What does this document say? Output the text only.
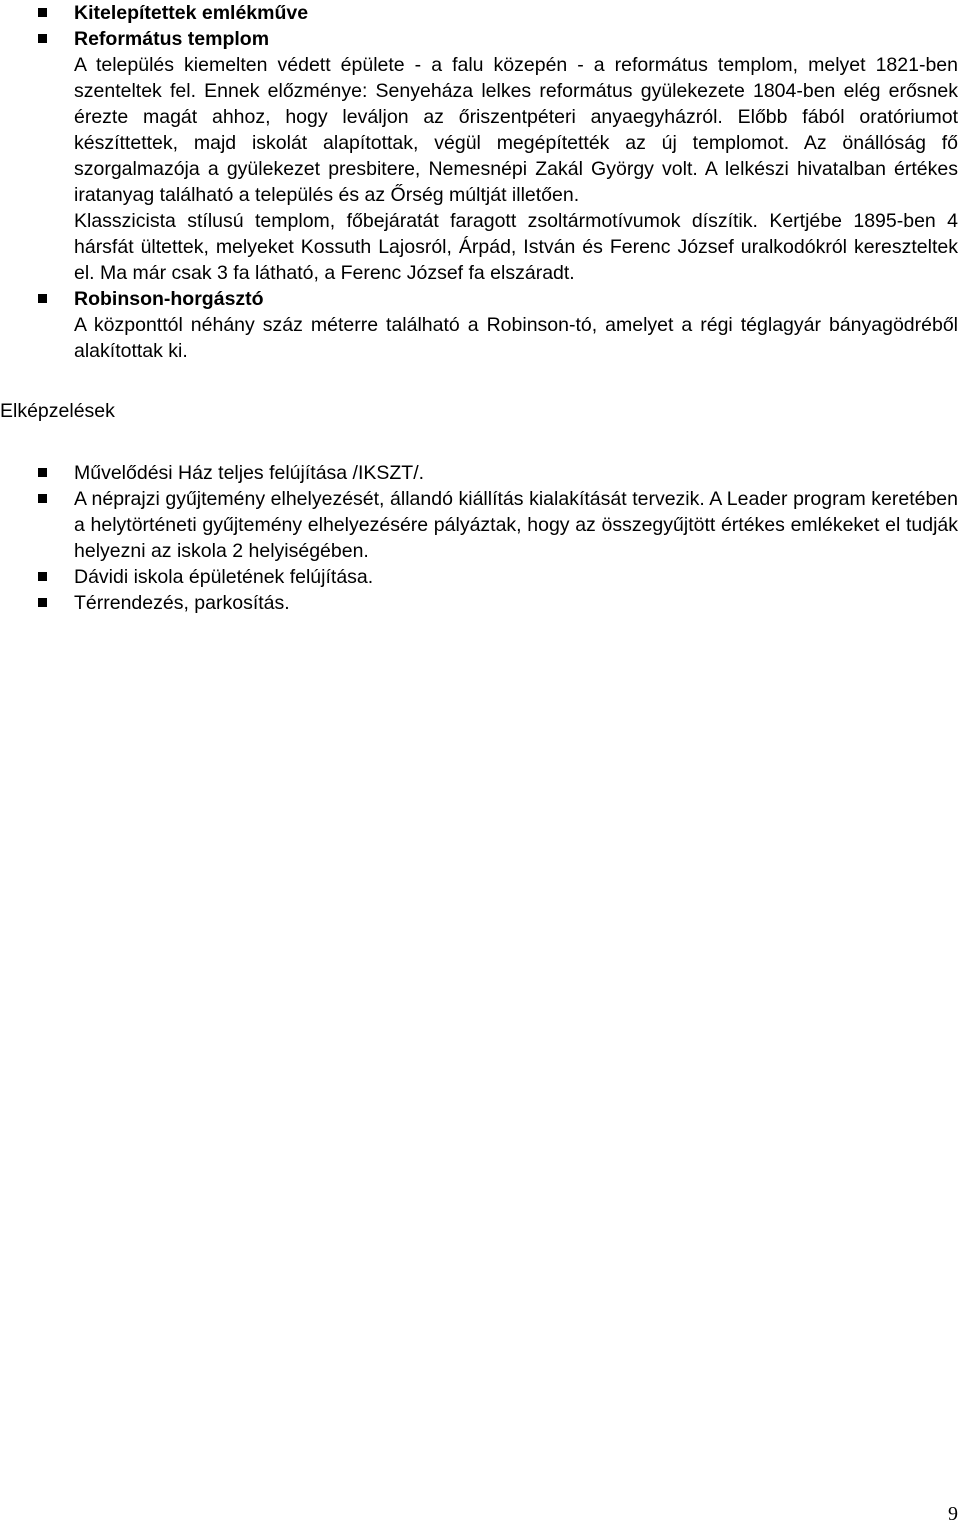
Kitelepítettek emlékműve
Református templom
A település kiemelten védett épülete - a falu közepén - a református templom, melyet 1821-ben szenteltek fel. Ennek előzménye: Senyeháza lelkes református gyülekezete 1804-ben elég erősnek érezte magát ahhoz, hogy leváljon az őriszentpéteri anyaegyházról. Előbb fából oratóriumot készíttettek, majd iskolát alapítottak, végül megépítették az új templomot. Az önállóság fő szorgalmazója a gyülekezet presbitere, Nemesnépi Zakál György volt. A lelkészi hivatalban értékes iratanyag található a település és az Őrség múltját illetően.
Klasszicista stílusú templom, főbejáratát faragott zsoltármotívumok díszítik. Kertjébe 1895-ben 4 hársfát ültettek, melyeket Kossuth Lajosról, Árpád, István és Ferenc József uralkodókról kereszteltek el. Ma már csak 3 fa látható, a Ferenc József fa elszáradt.
Robinson-horgásztó
A központtól néhány száz méterre található a Robinson-tó, amelyet a régi téglagyár bányagödréből alakítottak ki.
Elképzelések
Művelődési Ház teljes felújítása /IKSZT/.
A néprajzi gyűjtemény elhelyezését, állandó kiállítás kialakítását tervezik. A Leader program keretében a helytörténeti gyűjtemény elhelyezésére pályáztak, hogy az összegyűjtött értékes emlékeket el tudják helyezni az iskola 2 helyiségében.
Dávidi iskola épületének felújítása.
Térrendezés, parkosítás.
9
